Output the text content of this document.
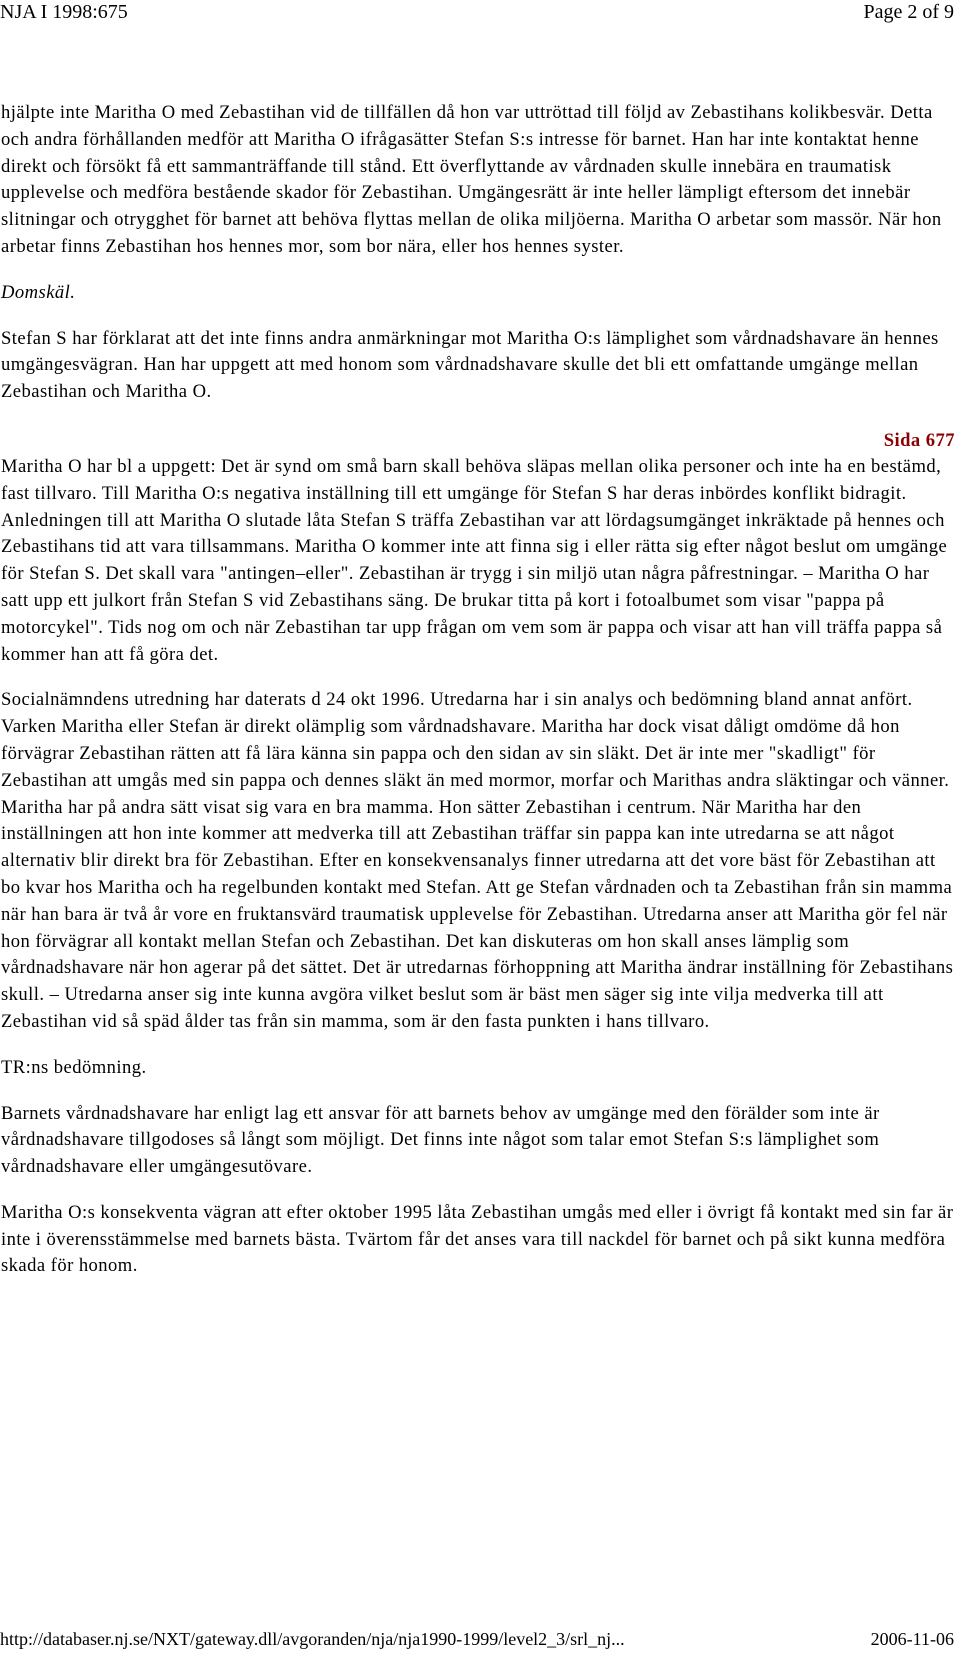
NJA I 1998:675	Page 2 of 9

hjälpte inte Maritha O med Zebastihan vid de tillfällen då hon var uttröttad till följd av Zebastihans kolikbesvär. Detta och andra förhållanden medför att Maritha O ifrågasätter Stefan S:s intresse för barnet. Han har inte kontaktat henne direkt och försökt få ett sammanträffande till stånd. Ett överflyttande av vårdnaden skulle innebära en traumatisk upplevelse och medföra bestående skador för Zebastihan. Umgängesrätt är inte heller lämpligt eftersom det innebär slitningar och otrygghet för barnet att behöva flyttas mellan de olika miljöerna. Maritha O arbetar som massör. När hon arbetar finns Zebastihan hos hennes mor, som bor nära, eller hos hennes syster.

Domskäl.

Stefan S har förklarat att det inte finns andra anmärkningar mot Maritha O:s lämplighet som vårdnadshavare än hennes umgängesvägran. Han har uppgett att med honom som vårdnadshavare skulle det bli ett omfattande umgänge mellan Zebastihan och Maritha O.

Sida 677

Maritha O har bl a uppgett: Det är synd om små barn skall behöva släpas mellan olika personer och inte ha en bestämd, fast tillvaro. Till Maritha O:s negativa inställning till ett umgänge för Stefan S har deras inbördes konflikt bidragit. Anledningen till att Maritha O slutade låta Stefan S träffa Zebastihan var att lördagsumgänget inkräktade på hennes och Zebastihans tid att vara tillsammans. Maritha O kommer inte att finna sig i eller rätta sig efter något beslut om umgänge för Stefan S. Det skall vara "antingen–eller". Zebastihan är trygg i sin miljö utan några påfrestningar. – Maritha O har satt upp ett julkort från Stefan S vid Zebastihans säng. De brukar titta på kort i fotoalbumet som visar "pappa på motorcykel". Tids nog om och när Zebastihan tar upp frågan om vem som är pappa och visar att han vill träffa pappa så kommer han att få göra det.

Socialnämndens utredning har daterats d 24 okt 1996. Utredarna har i sin analys och bedömning bland annat anfört. Varken Maritha eller Stefan är direkt olämplig som vårdnadshavare. Maritha har dock visat dåligt omdöme då hon förvägrar Zebastihan rätten att få lära känna sin pappa och den sidan av sin släkt. Det är inte mer "skadligt" för Zebastihan att umgås med sin pappa och dennes släkt än med mormor, morfar och Marithas andra släktingar och vänner. Maritha har på andra sätt visat sig vara en bra mamma. Hon sätter Zebastihan i centrum. När Maritha har den inställningen att hon inte kommer att medverka till att Zebastihan träffar sin pappa kan inte utredarna se att något alternativ blir direkt bra för Zebastihan. Efter en konsekvensanalys finner utredarna att det vore bäst för Zebastihan att bo kvar hos Maritha och ha regelbunden kontakt med Stefan. Att ge Stefan vårdnaden och ta Zebastihan från sin mamma när han bara är två år vore en fruktansvärd traumatisk upplevelse för Zebastihan. Utredarna anser att Maritha gör fel när hon förvägrar all kontakt mellan Stefan och Zebastihan. Det kan diskuteras om hon skall anses lämplig som vårdnadshavare när hon agerar på det sättet. Det är utredarnas förhoppning att Maritha ändrar inställning för Zebastihans skull. – Utredarna anser sig inte kunna avgöra vilket beslut som är bäst men säger sig inte vilja medverka till att Zebastihan vid så späd ålder tas från sin mamma, som är den fasta punkten i hans tillvaro.

TR:ns bedömning.

Barnets vårdnadshavare har enligt lag ett ansvar för att barnets behov av umgänge med den förälder som inte är vårdnadshavare tillgodoses så långt som möjligt. Det finns inte något som talar emot Stefan S:s lämplighet som vårdnadshavare eller umgängesutövare.

Maritha O:s konsekventa vägran att efter oktober 1995 låta Zebastihan umgås med eller i övrigt få kontakt med sin far är inte i överensstämmelse med barnets bästa. Tvärtom får det anses vara till nackdel för barnet och på sikt kunna medföra skada för honom.

http://databaser.nj.se/NXT/gateway.dll/avgoranden/nja/nja1990-1999/level2_3/srl_nj...	2006-11-06
